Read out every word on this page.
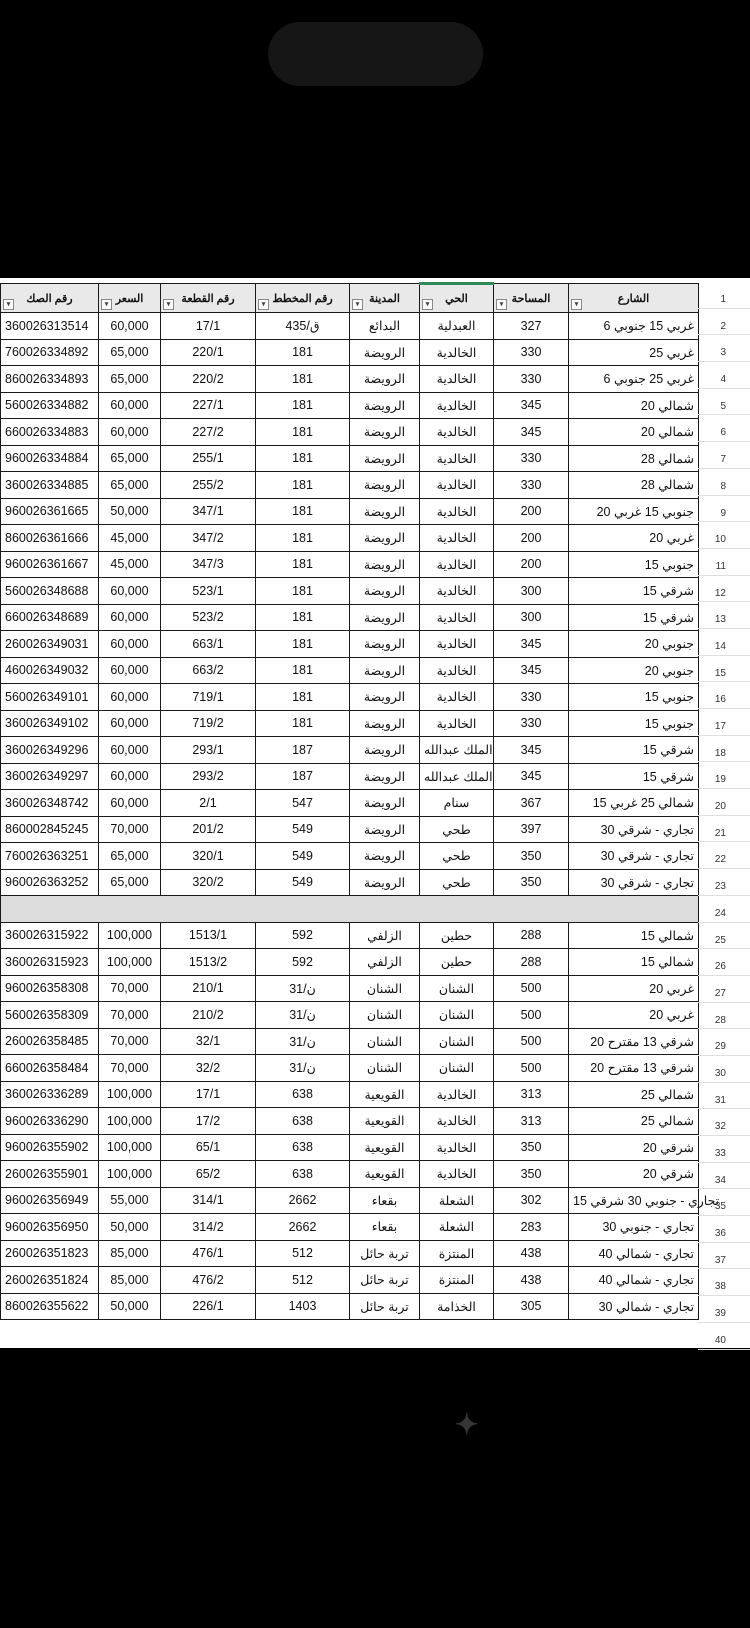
▾ رقم الصك	▾ السعر	▾ رقم القطعة	▾ رقم المخطط	▾ المدينة	▾ الحي	▾ المساحة	▾ الشارع
360026313514	60,000	17/1	ق/435	البدائع	العبدلية	327	غربي 15 جنوبي 6
760026334892	65,000	220/1	181	الرويضة	الخالدية	330	غربي 25
860026334893	65,000	220/2	181	الرويضة	الخالدية	330	غربي 25 جنوبي 6
560026334882	60,000	227/1	181	الرويضة	الخالدية	345	شمالي 20
660026334883	60,000	227/2	181	الرويضة	الخالدية	345	شمالي 20
960026334884	65,000	255/1	181	الرويضة	الخالدية	330	شمالي 28
360026334885	65,000	255/2	181	الرويضة	الخالدية	330	شمالي 28
960026361665	50,000	347/1	181	الرويضة	الخالدية	200	جنوبي 15 غربي 20
860026361666	45,000	347/2	181	الرويضة	الخالدية	200	غربي 20
960026361667	45,000	347/3	181	الرويضة	الخالدية	200	جنوبي 15
560026348688	60,000	523/1	181	الرويضة	الخالدية	300	شرقي 15
660026348689	60,000	523/2	181	الرويضة	الخالدية	300	شرقي 15
260026349031	60,000	663/1	181	الرويضة	الخالدية	345	جنوبي 20
460026349032	60,000	663/2	181	الرويضة	الخالدية	345	جنوبي 20
560026349101	60,000	719/1	181	الرويضة	الخالدية	330	جنوبي 15
360026349102	60,000	719/2	181	الرويضة	الخالدية	330	جنوبي 15
360026349296	60,000	293/1	187	الرويضة	الملك عبدالله	345	شرقي 15
360026349297	60,000	293/2	187	الرويضة	الملك عبدالله	345	شرقي 15
360026348742	60,000	2/1	547	الرويضة	سنام	367	شمالي 25 غربي 15
860002845245	70,000	201/2	549	الرويضة	طحي	397	تجاري - شرقي 30
760026363251	65,000	320/1	549	الرويضة	طحي	350	تجاري - شرقي 30
960026363252	65,000	320/2	549	الرويضة	طحي	350	تجاري - شرقي 30

360026315922	100,000	1513/1	592	الزلفي	حطين	288	شمالي 15
360026315923	100,000	1513/2	592	الزلفي	حطين	288	شمالي 15
960026358308	70,000	210/1	ن/31	الشنان	الشنان	500	غربي 20
560026358309	70,000	210/2	ن/31	الشنان	الشنان	500	غربي 20
260026358485	70,000	32/1	ن/31	الشنان	الشنان	500	شرقي 13 مقترح 20
660026358484	70,000	32/2	ن/31	الشنان	الشنان	500	شرقي 13 مقترح 20
360026336289	100,000	17/1	638	القويعية	الخالدية	313	شمالي 25
960026336290	100,000	17/2	638	القويعية	الخالدية	313	شمالي 25
960026355902	100,000	65/1	638	القويعية	الخالدية	350	شرقي 20
260026355901	100,000	65/2	638	القويعية	الخالدية	350	شرقي 20
960026356949	55,000	314/1	2662	بقعاء	الشعلة	302	تجاري - جنوبي 30 شرقي 15
960026356950	50,000	314/2	2662	بقعاء	الشعلة	283	تجاري - جنوبي 30
260026351823	85,000	476/1	512	تربة حائل	المنتزة	438	تجاري - شمالي 40
260026351824	85,000	476/2	512	تربة حائل	المنتزة	438	تجاري - شمالي 40
860026355622	50,000	226/1	1403	تربة حائل	الخذامة	305	تجاري - شمالي 30
1
2
3
4
5
6
7
8
9
10
11
12
13
14
15
16
17
18
19
20
21
22
23
24
25
26
27
28
29
30
31
32
33
34
35
36
37
38
39
40
✦
